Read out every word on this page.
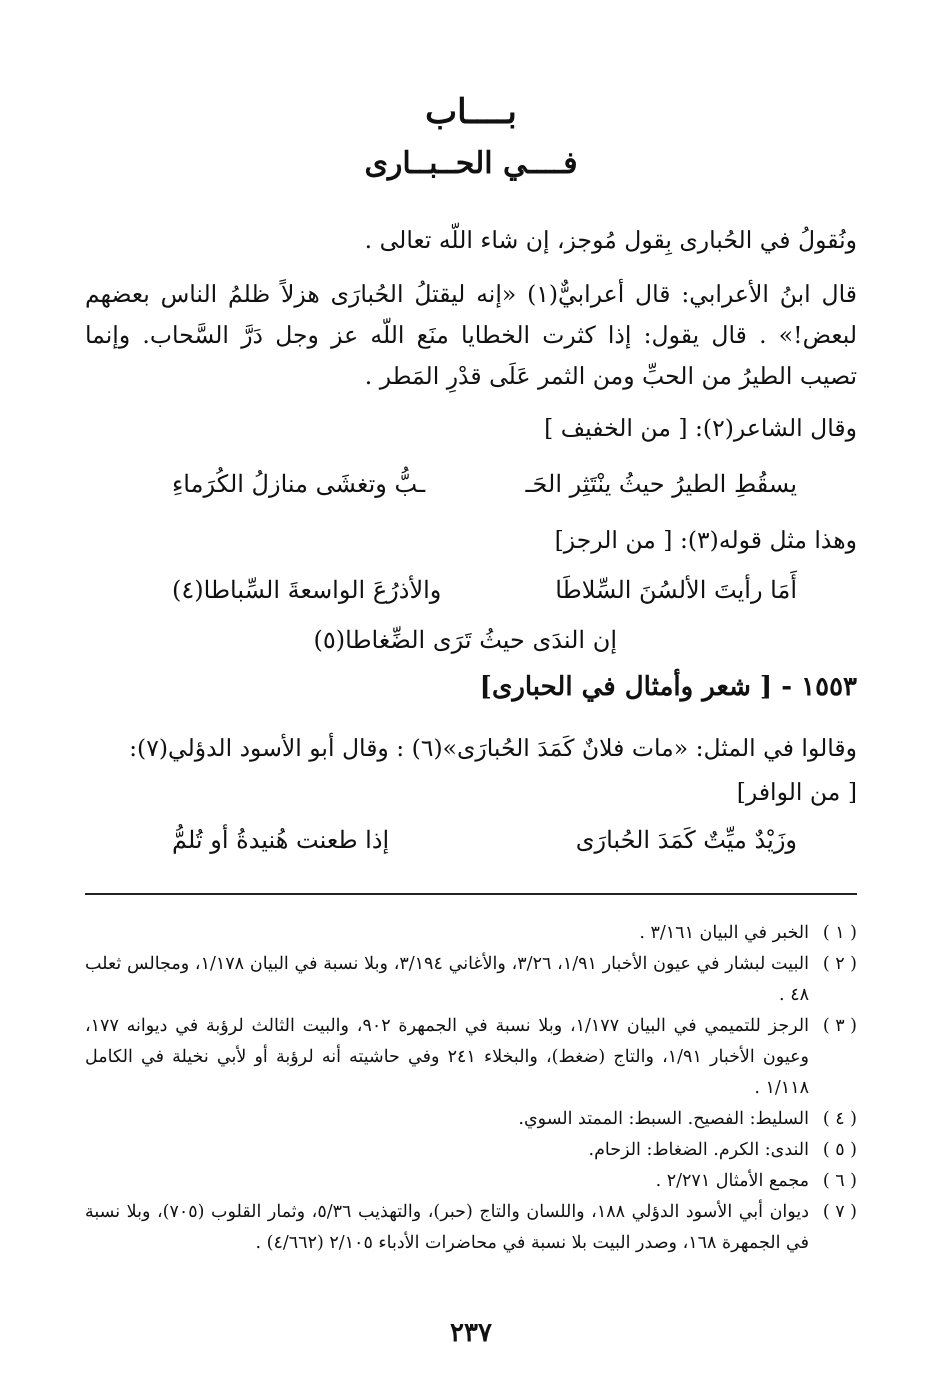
بــــاب
فــــي الحــبــارى
ونُقولُ في الحُبارى بِقول مُوجز، إن شاء اللّه تعالى .
قال ابنُ الأعرابي: قال أعرابيٌّ(١) «إنه ليقتلُ الحُبارَى هزلاً ظلمُ الناس بعضهم لبعض!» . قال يقول: إذا كثرت الخطايا منَع اللّه عز وجل دَرَّ السَّحاب. وإنما تصيب الطيرُ من الحبِّ ومن الثمر عَلَى قدْرِ المَطر .
وقال الشاعر(٢): [ من الخفيف ]
يسقُطِ الطيرُ حيثُ ينْتَثِر الحَـ
ـبُّ وتغشَى منازلُ الكُرَماءِ
وهذا مثل قوله(٣): [ من الرجز]
أَمَا رأيتَ الألسُنَ السِّلاطَا
والأذرُعَ الواسعةَ السِّباطا(٤)
إن الندَى حيثُ تَرَى الضِّغاطا(٥)
١٥٥٣ - [ شعر وأمثال في الحبارى]
وقالوا في المثل: «مات فلانٌ كَمَدَ الحُبارَى»(٦) : وقال أبو الأسود الدؤلي(٧):
[ من الوافر]
وزَيْدٌ ميِّتٌ كَمَدَ الحُبارَى
إذا طعنت هُنيدةُ أو تُلمُّ
( ١ )
الخبر في البيان ٣/١٦١ .
( ٢ )
البيت لبشار في عيون الأخبار ١/٩١، ٣/٢٦، والأغاني ٣/١٩٤، وبلا نسبة في البيان ١/١٧٨، ومجالس ثعلب ٤٨ .
( ٣ )
الرجز للتميمي في البيان ١/١٧٧، وبلا نسبة في الجمهرة ٩٠٢، والبيت الثالث لرؤبة في ديوانه ١٧٧، وعيون الأخبار ١/٩١، والتاج (ضغط)، والبخلاء ٢٤١ وفي حاشيته أنه لرؤبة أو لأبي نخيلة في الكامل ١/١١٨ .
( ٤ )
السليط: الفصيح. السبط: الممتد السوي.
( ٥ )
الندى: الكرم. الضغاط: الزحام.
( ٦ )
مجمع الأمثال ٢/٢٧١ .
( ٧ )
ديوان أبي الأسود الدؤلي ١٨٨، واللسان والتاج (حبر)، والتهذيب ٥/٣٦، وثمار القلوب (٧٠٥)، وبلا نسبة في الجمهرة ١٦٨، وصدر البيت بلا نسبة في محاضرات الأدباء ٢/١٠٥ (٤/٦٦٢) .
٢٣٧
